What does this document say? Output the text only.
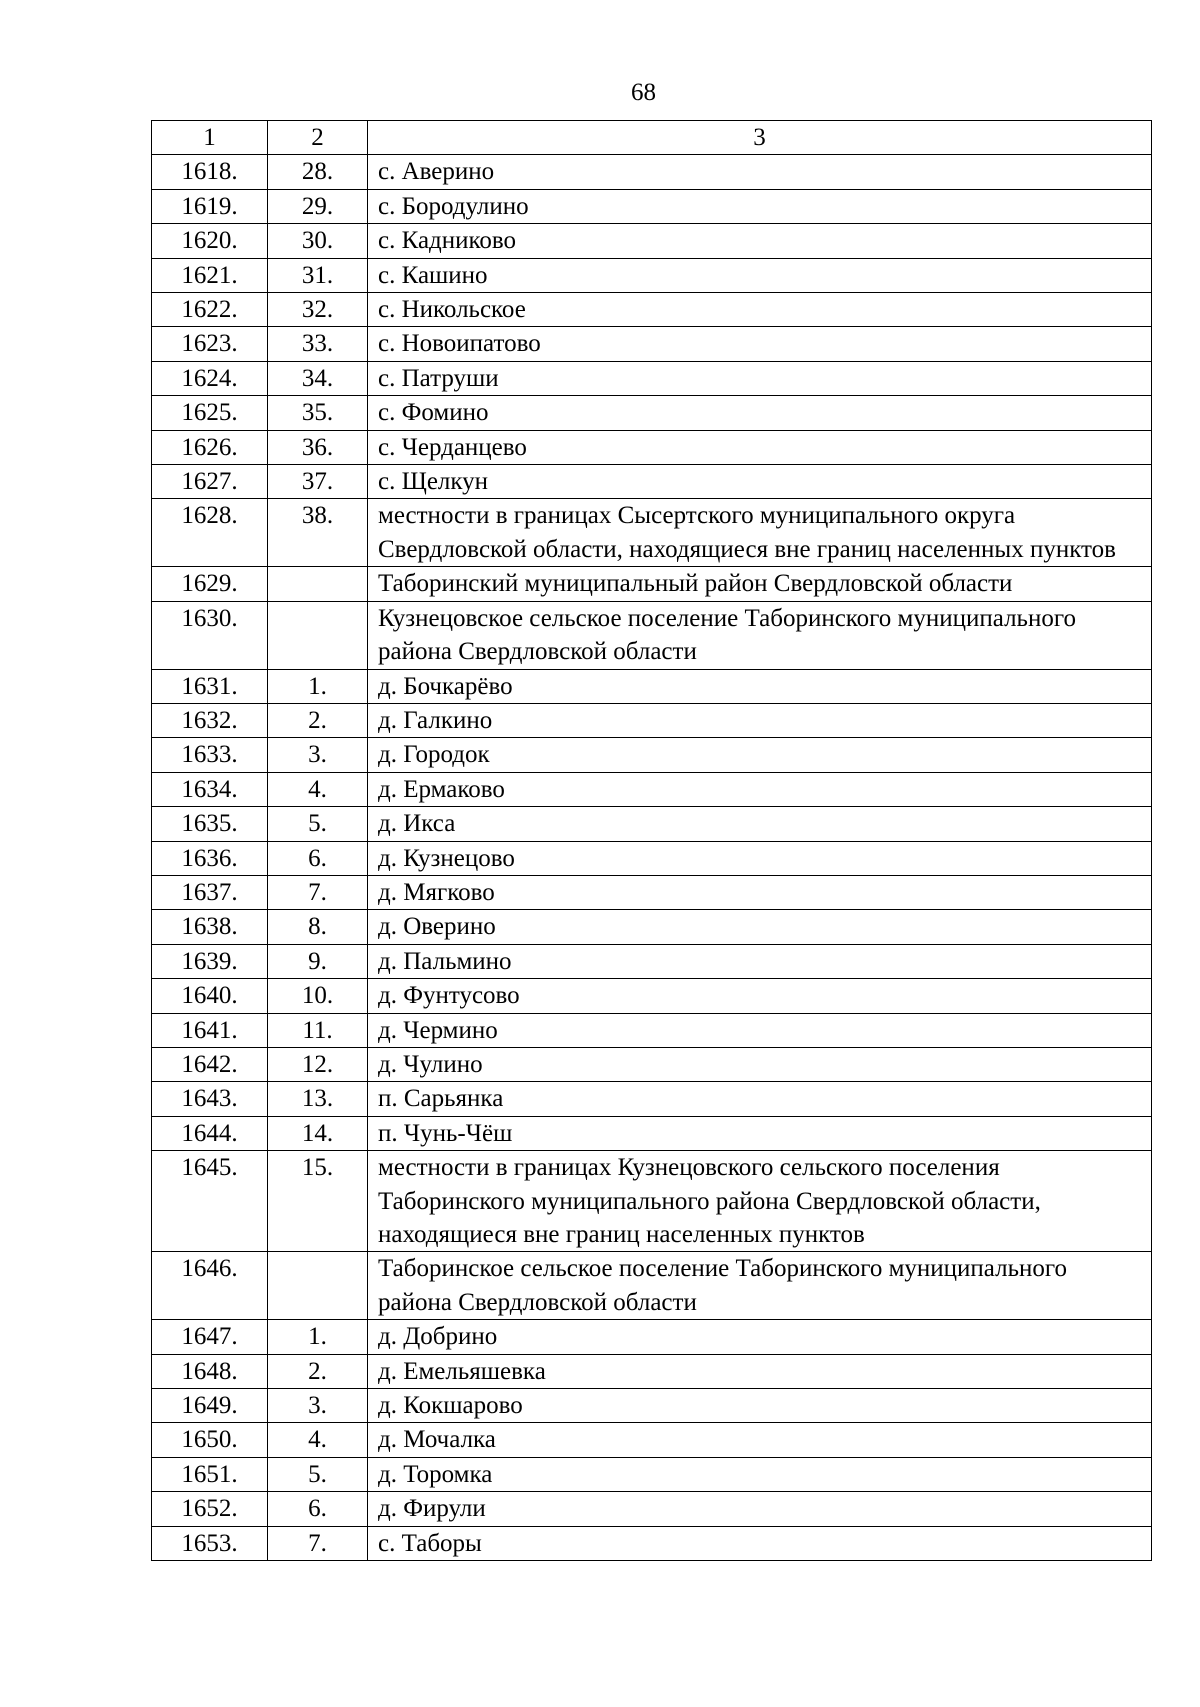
68
1	2	3
1618.	28.	с. Аверино
1619.	29.	с. Бородулино
1620.	30.	с. Кадниково
1621.	31.	с. Кашино
1622.	32.	с. Никольское
1623.	33.	с. Новоипатово
1624.	34.	с. Патруши
1625.	35.	с. Фомино
1626.	36.	с. Черданцево
1627.	37.	с. Щелкун
1628.	38.	местности в границах Сысертского муниципального округа Свердловской области, находящиеся вне границ населенных пунктов
1629.		Таборинский муниципальный район Свердловской области
1630.		Кузнецовское сельское поселение Таборинского муниципального района Свердловской области
1631.	1.	д. Бочкарёво
1632.	2.	д. Галкино
1633.	3.	д. Городок
1634.	4.	д. Ермаково
1635.	5.	д. Икса
1636.	6.	д. Кузнецово
1637.	7.	д. Мягково
1638.	8.	д. Оверино
1639.	9.	д. Пальмино
1640.	10.	д. Фунтусово
1641.	11.	д. Чермино
1642.	12.	д. Чулино
1643.	13.	п. Сарьянка
1644.	14.	п. Чунь-Чёш
1645.	15.	местности в границах Кузнецовского сельского поселения Таборинского муниципального района Свердловской области, находящиеся вне границ населенных пунктов
1646.		Таборинское сельское поселение Таборинского муниципального района Свердловской области
1647.	1.	д. Добрино
1648.	2.	д. Емельяшевка
1649.	3.	д. Кокшарово
1650.	4.	д. Мочалка
1651.	5.	д. Торомка
1652.	6.	д. Фирули
1653.	7.	с. Таборы
